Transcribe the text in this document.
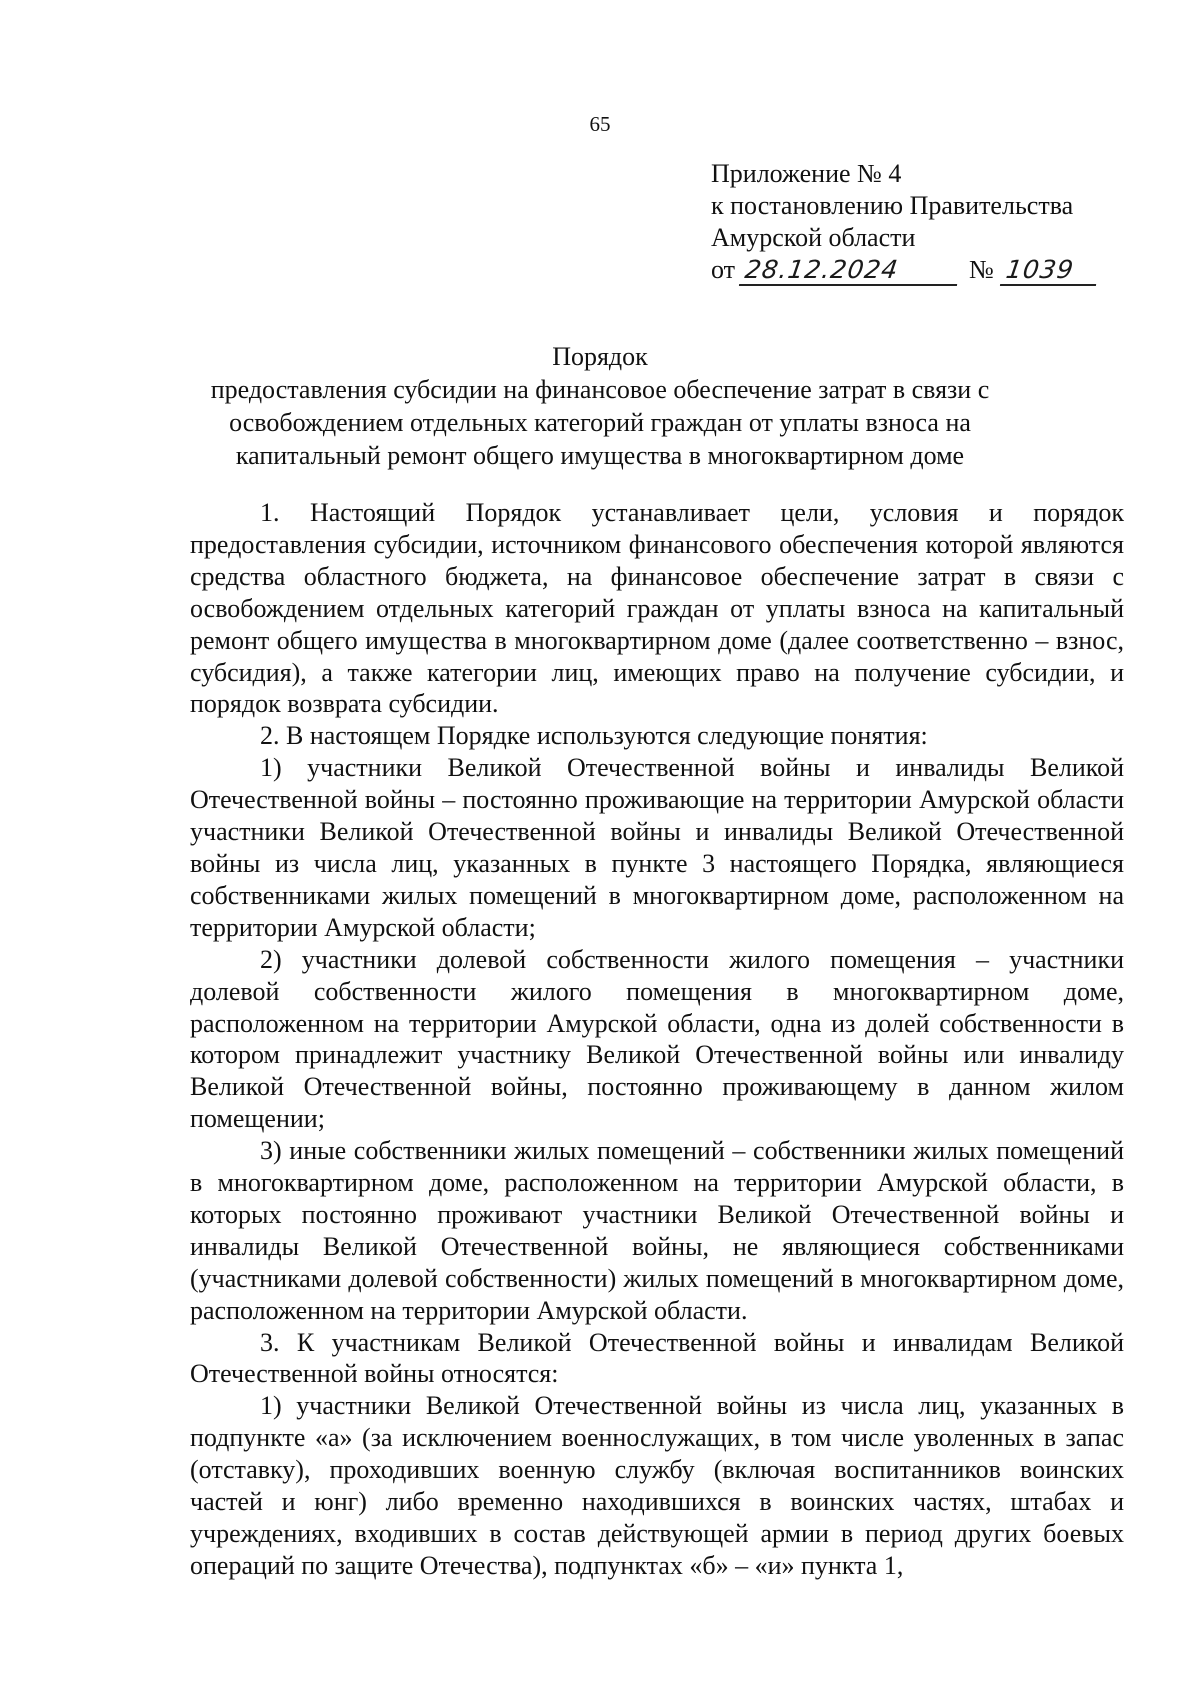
65
Приложение № 4
к постановлению Правительства
Амурской области
от 28.12.2024	№ 1039
Порядок
предоставления субсидии на финансовое обеспечение затрат в связи с
освобождением отдельных категорий граждан от уплаты взноса на
капитальный ремонт общего имущества в многоквартирном доме

1. Настоящий Порядок устанавливает цели, условия и порядок предоставления субсидии, источником финансового обеспечения которой являются средства областного бюджета, на финансовое обеспечение затрат в связи с освобождением отдельных категорий граждан от уплаты взноса на капитальный ремонт общего имущества в многоквартирном доме (далее соответственно – взнос, субсидия), а также категории лиц, имеющих право на получение субсидии, и порядок возврата субсидии.

2. В настоящем Порядке используются следующие понятия:

1) участники Великой Отечественной войны и инвалиды Великой Отечественной войны – постоянно проживающие на территории Амурской области участники Великой Отечественной войны и инвалиды Великой Отечественной войны из числа лиц, указанных в пункте 3 настоящего Порядка, являющиеся собственниками жилых помещений в многоквартирном доме, расположенном на территории Амурской области;

2) участники долевой собственности жилого помещения – участники долевой собственности жилого помещения в многоквартирном доме, расположенном на территории Амурской области, одна из долей собственности в котором принадлежит участнику Великой Отечественной войны или инвалиду Великой Отечественной войны, постоянно проживающему в данном жилом помещении;

3) иные собственники жилых помещений – собственники жилых помещений в многоквартирном доме, расположенном на территории Амурской области, в которых постоянно проживают участники Великой Отечественной войны и инвалиды Великой Отечественной войны, не являющиеся собственниками (участниками долевой собственности) жилых помещений в многоквартирном доме, расположенном на территории Амурской области.

3. К участникам Великой Отечественной войны и инвалидам Великой Отечественной войны относятся:

1) участники Великой Отечественной войны из числа лиц, указанных в подпункте «а» (за исключением военнослужащих, в том числе уволенных в запас (отставку), проходивших военную службу (включая воспитанников воинских частей и юнг) либо временно находившихся в воинских частях, штабах и учреждениях, входивших в состав действующей армии в период других боевых операций по защите Отечества), подпунктах «б» – «и» пункта 1,
